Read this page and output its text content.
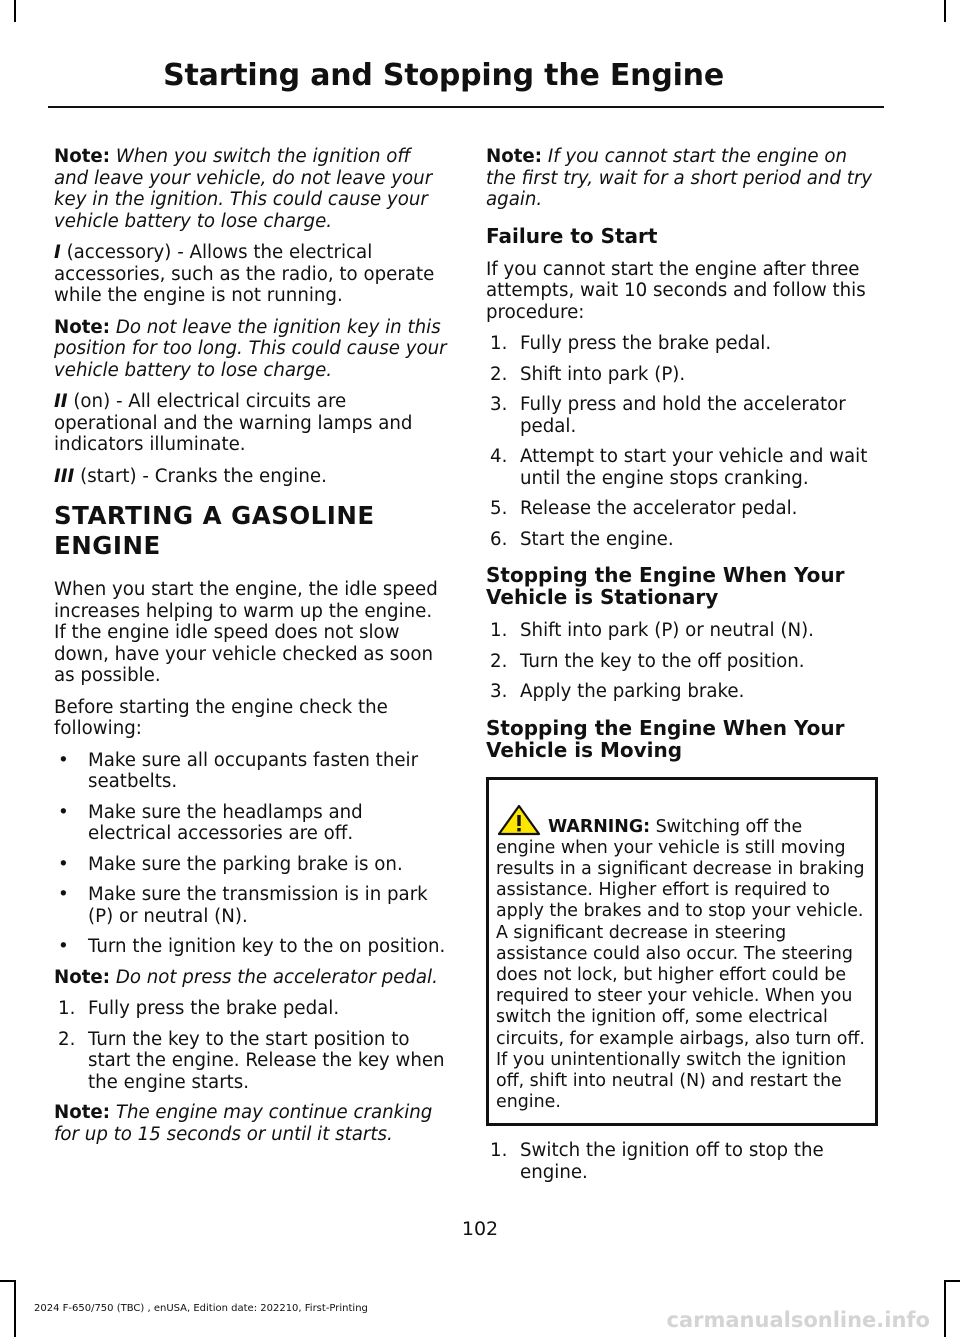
Starting and Stopping the Engine

Note: When you switch the ignition off and leave your vehicle, do not leave your key in the ignition. This could cause your vehicle battery to lose charge.

I (accessory) - Allows the electrical accessories, such as the radio, to operate while the engine is not running.

Note: Do not leave the ignition key in this position for too long. This could cause your vehicle battery to lose charge.

II (on) - All electrical circuits are operational and the warning lamps and indicators illuminate.

III (start) - Cranks the engine.

STARTING A GASOLINE
ENGINE

When you start the engine, the idle speed increases helping to warm up the engine. If the engine idle speed does not slow down, have your vehicle checked as soon as possible.

Before starting the engine check the following:

• Make sure all occupants fasten their seatbelts.
• Make sure the headlamps and electrical accessories are off.
• Make sure the parking brake is on.
• Make sure the transmission is in park (P) or neutral (N).
• Turn the ignition key to the on position.

Note: Do not press the accelerator pedal.

1. Fully press the brake pedal.
2. Turn the key to the start position to start the engine. Release the key when the engine starts.

Note: The engine may continue cranking for up to 15 seconds or until it starts.

Note: If you cannot start the engine on the first try, wait for a short period and try again.

Failure to Start

If you cannot start the engine after three attempts, wait 10 seconds and follow this procedure:

1. Fully press the brake pedal.
2. Shift into park (P).
3. Fully press and hold the accelerator pedal.
4. Attempt to start your vehicle and wait until the engine stops cranking.
5. Release the accelerator pedal.
6. Start the engine.
Stopping the Engine When Your Vehicle is Stationary
1. Shift into park (P) or neutral (N).
2. Turn the key to the off position.
3. Apply the parking brake.
Stopping the Engine When Your Vehicle is Moving

WARNING: Switching off the engine when your vehicle is still moving results in a significant decrease in braking assistance. Higher effort is required to apply the brakes and to stop your vehicle. A significant decrease in steering assistance could also occur. The steering does not lock, but higher effort could be required to steer your vehicle. When you switch the ignition off, some electrical circuits, for example airbags, also turn off. If you unintentionally switch the ignition off, shift into neutral (N) and restart the engine.

1. Switch the ignition off to stop the engine.
102
2024 F-650/750 (TBC) , enUSA, Edition date: 202210, First-Printing	carmanualsonline.info
